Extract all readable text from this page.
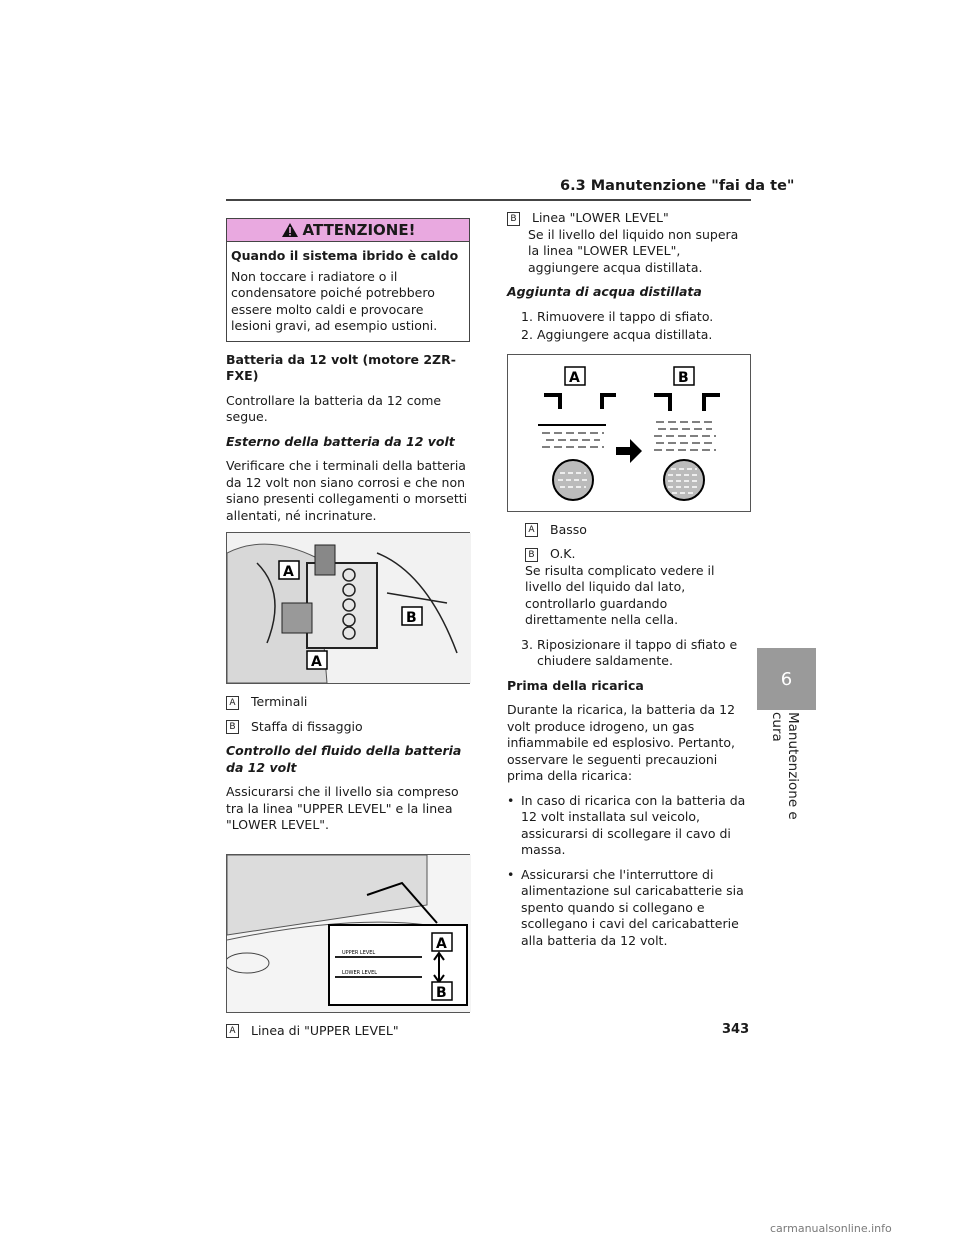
6.3 Manutenzione "fai da te"
ATTENZIONE!
Quando il sistema ibrido è caldo
Non toccare i radiatore o il condensatore poiché potrebbero essere molto caldi e provocare lesioni gravi, ad esempio ustioni.

Batteria da 12 volt (motore 2ZR-FXE)

Controllare la batteria da 12 come segue.

Esterno della batteria da 12 volt

Verificare che i terminali della batteria da 12 volt non siano corrosi e che non siano presenti collegamenti o morsetti allentati, né incrinature.

A
B
A

A Terminali

B Staffa di fissaggio

Controllo del fluido della batteria da 12 volt

Assicurarsi che il livello sia compreso tra la linea "UPPER LEVEL" e la linea "LOWER LEVEL".

UPPER LEVEL
LOWER LEVEL
A
B

A Linea di "UPPER LEVEL"

B Linea "LOWER LEVEL"

Se il livello del liquido non supera la linea "LOWER LEVEL", aggiungere acqua distillata.

Aggiunta di acqua distillata

1. Rimuovere il tappo di sfiato.
2. Aggiungere acqua distillata.
A	B

A Basso

B O.K.

Se risulta complicato vedere il livello del liquido dal lato, controllarlo guardando direttamente nella cella.

3. Riposizionare il tappo di sfiato e chiudere saldamente.

Prima della ricarica

Durante la ricarica, la batteria da 12 volt produce idrogeno, un gas infiammabile ed esplosivo. Pertanto, osservare le seguenti precauzioni prima della ricarica:

• In caso di ricarica con la batteria da 12 volt installata sul veicolo, assicurarsi di scollegare il cavo di massa.
• Assicurarsi che l'interruttore di alimentazione sul caricabatterie sia spento quando si collegano e scollegano i cavi del caricabatterie alla batteria da 12 volt.
6
Manutenzione e cura
343
carmanualsonline.info
